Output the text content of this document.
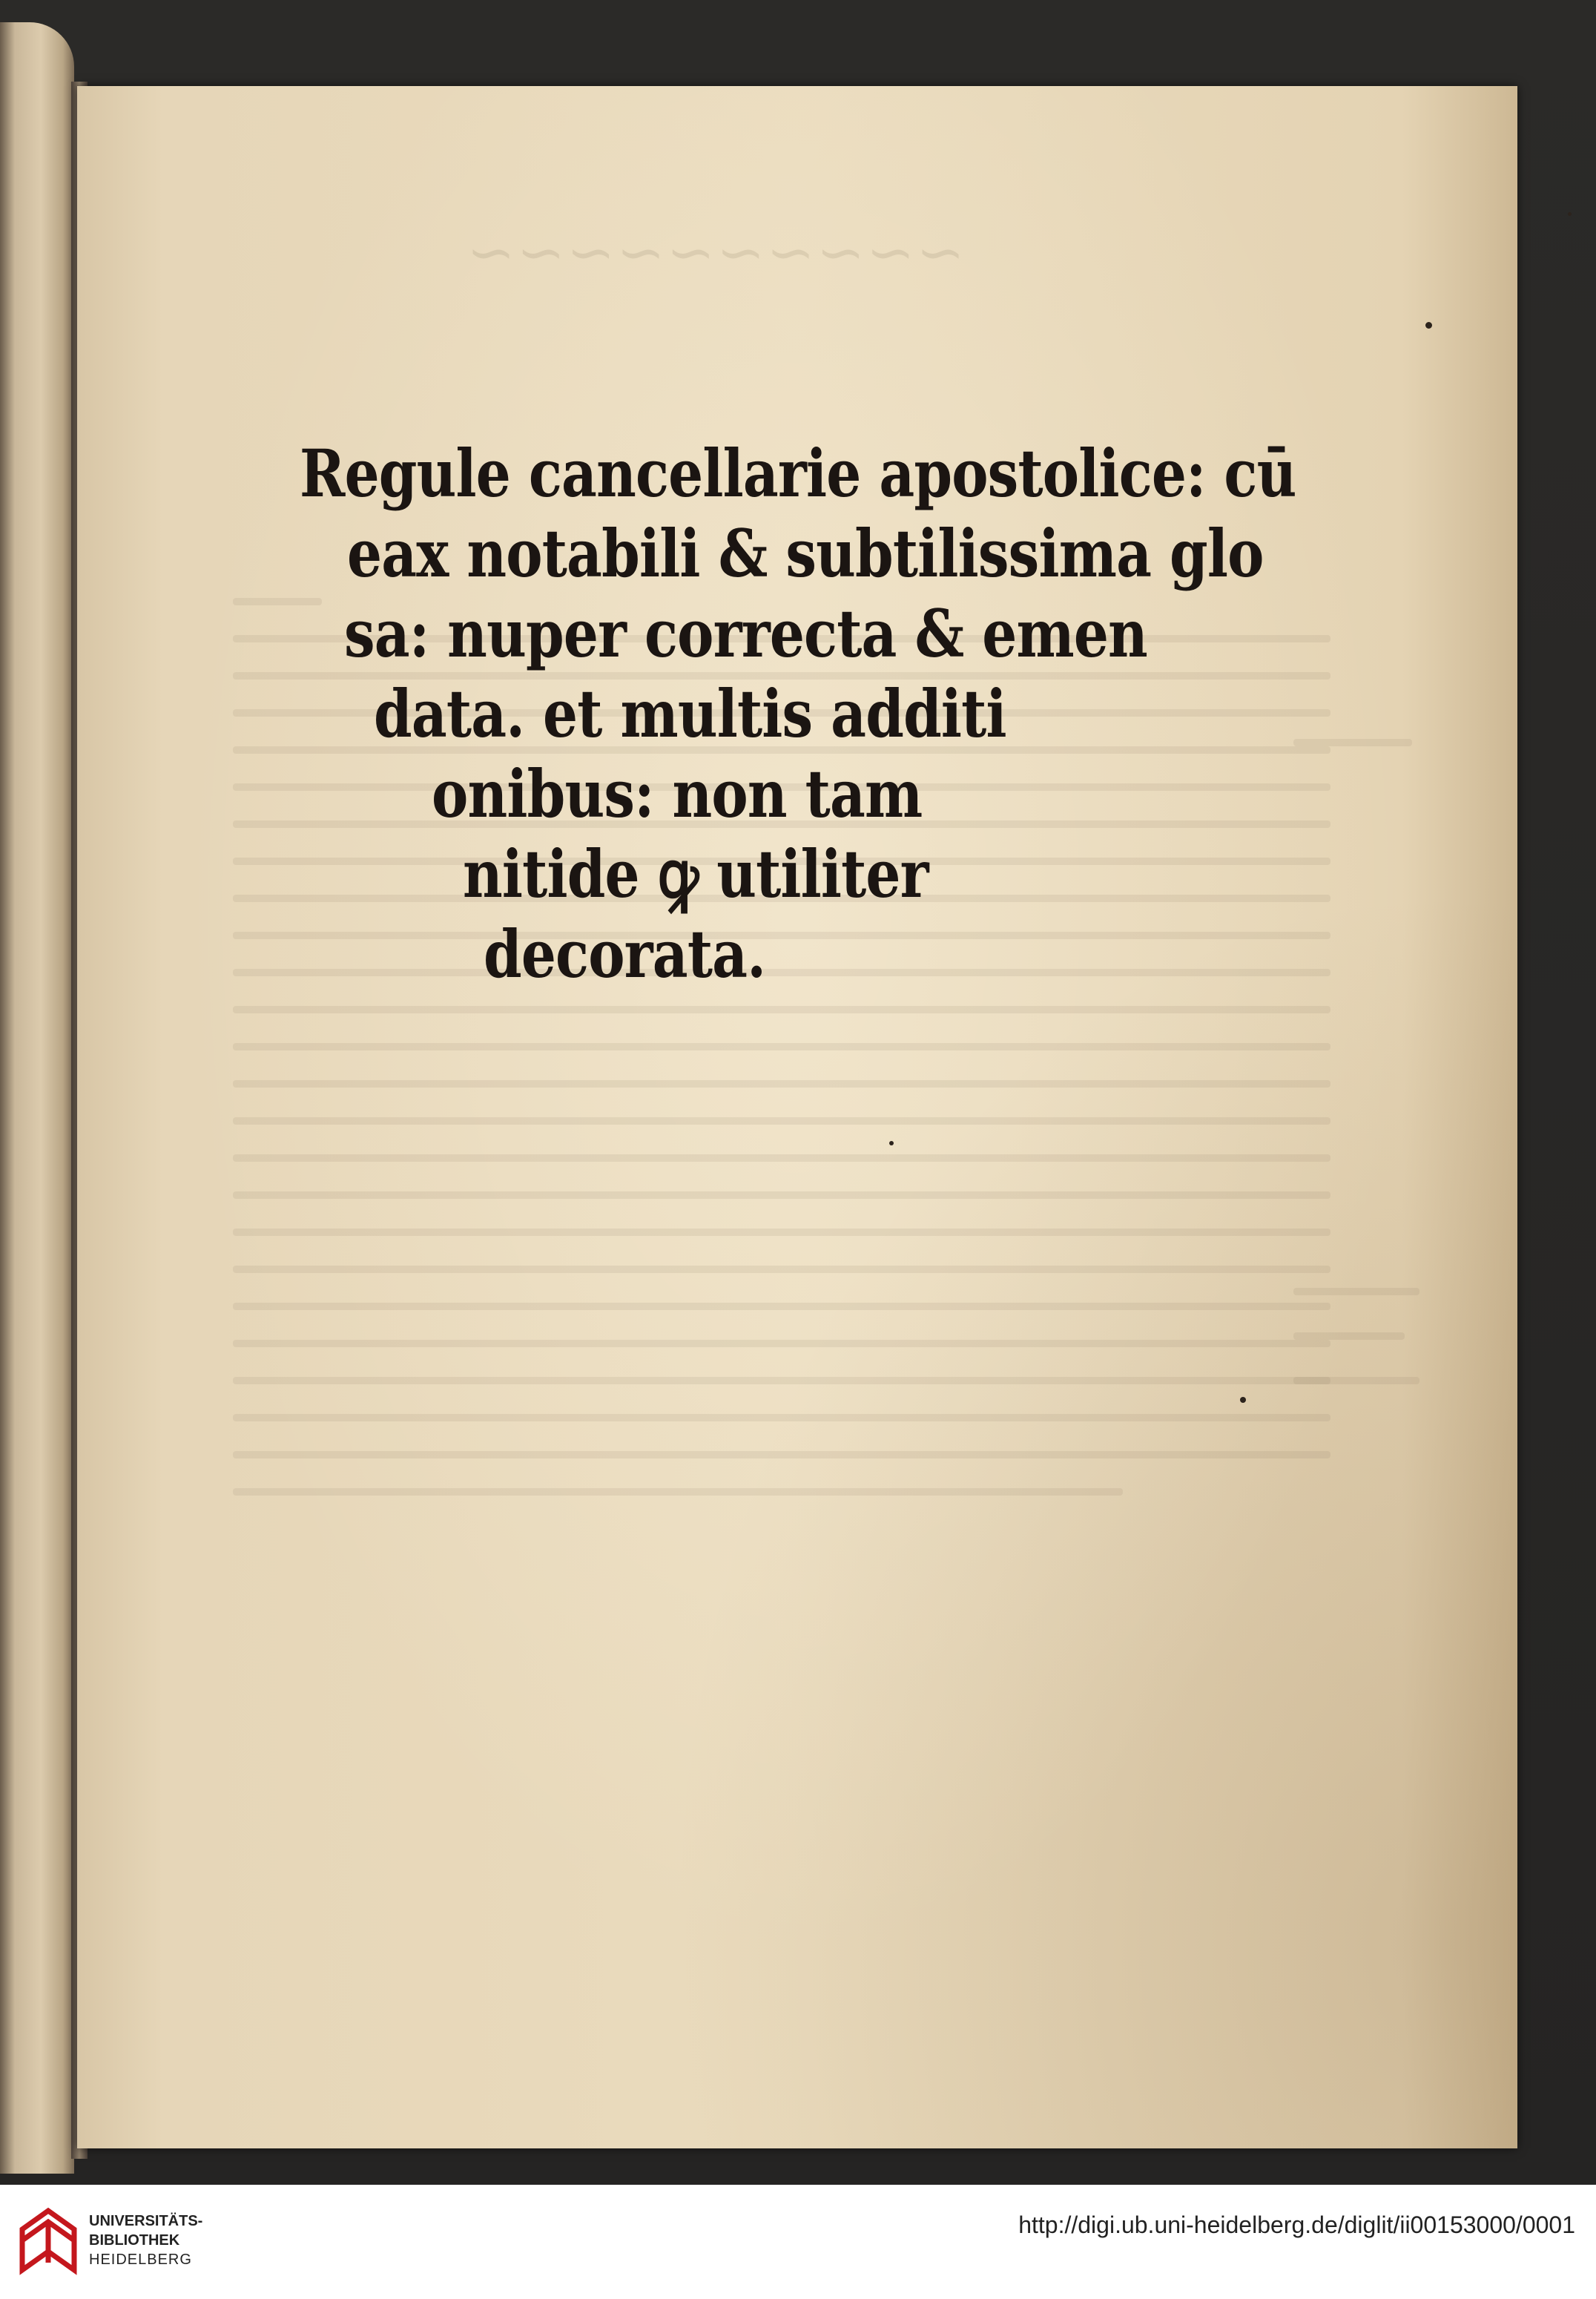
~~~~~~~~~~
Regule cancellarie apostolice: cū
eax notabili & subtilissima glo
sa: nuper correcta & emen
data. et multis additi
onibus: non tam
nitide ꝙ utiliter
decorata.
UNIVERSITÄTS-
BIBLIOTHEK
HEIDELBERG
http://digi.ub.uni-heidelberg.de/diglit/ii00153000/0001
